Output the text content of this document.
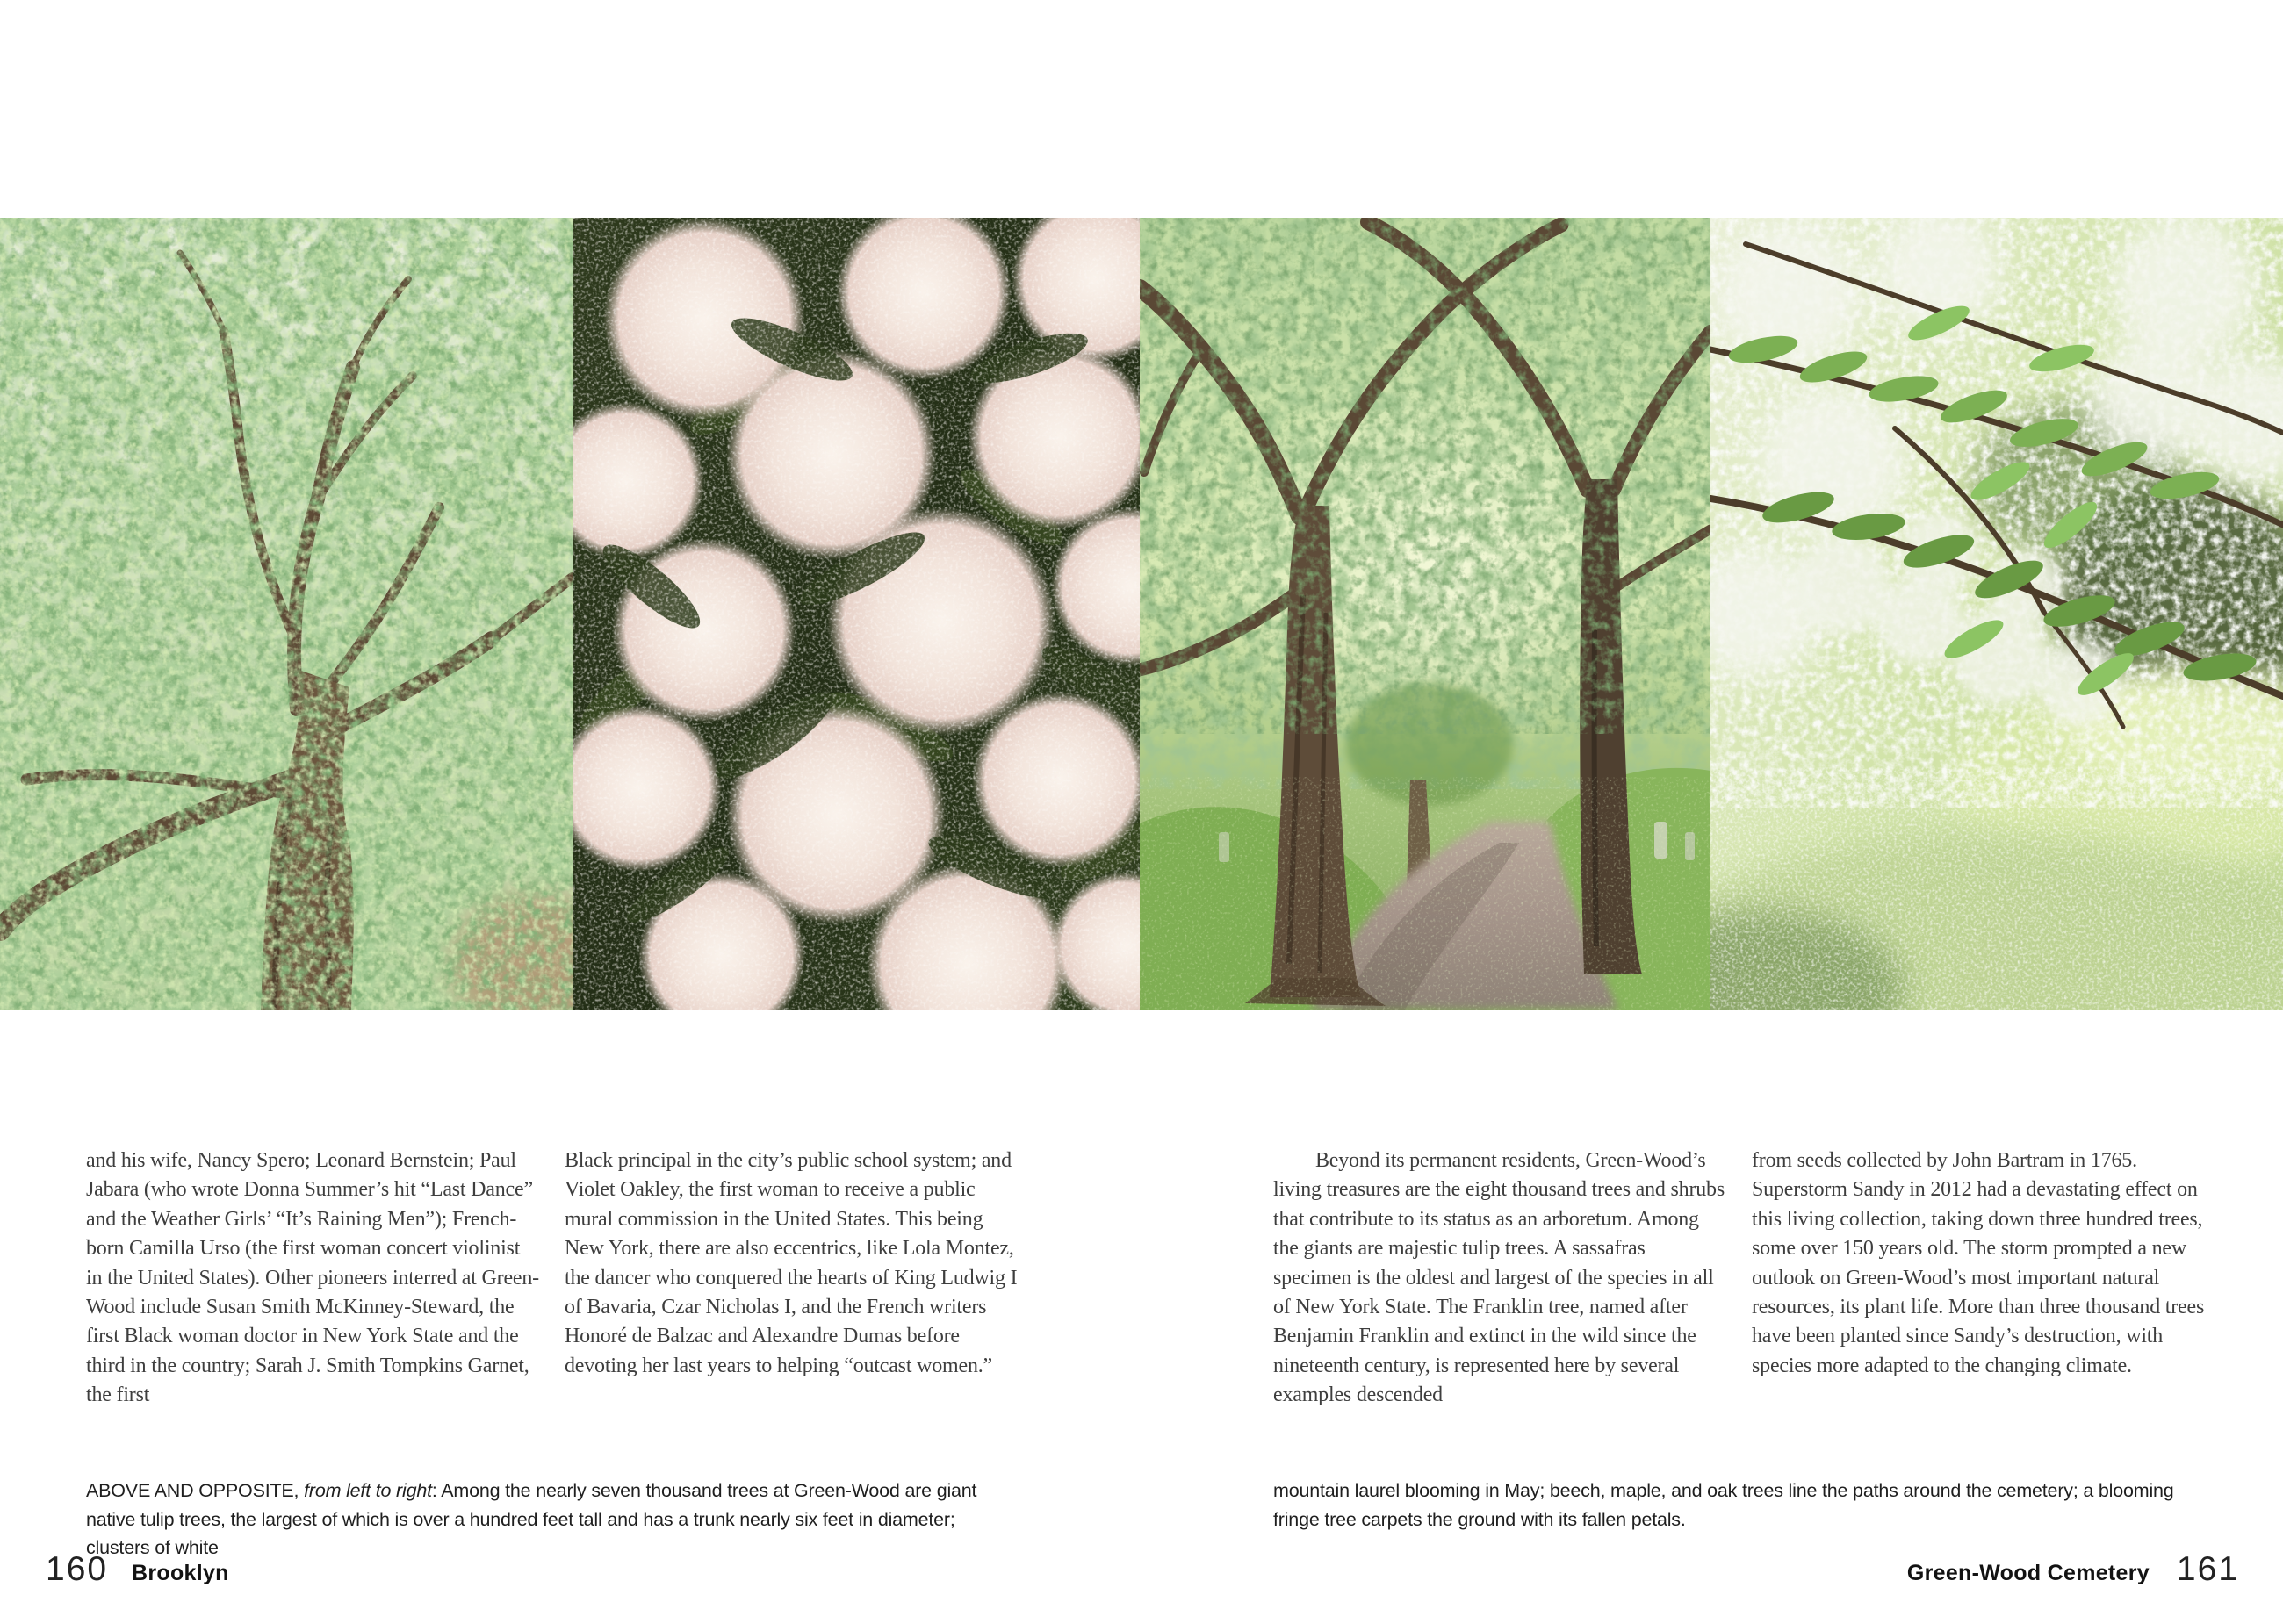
and his wife, Nancy Spero; Leonard Bernstein; Paul Jabara (who wrote Donna Summer’s hit “Last Dance” and the Weather Girls’ “It’s Raining Men”); French-born Camilla Urso (the first woman concert violinist in the United States). Other pioneers interred at Green-Wood include Susan Smith McKinney-Steward, the first Black woman doctor in New York State and the third in the country; Sarah J. Smith Tompkins Garnet, the first
Black principal in the city’s public school system; and Violet Oakley, the first woman to receive a public mural commission in the United States. This being New York, there are also eccentrics, like Lola Montez, the dancer who conquered the hearts of King Ludwig I of Bavaria, Czar Nicholas I, and the French writers Honoré de Balzac and Alexandre Dumas before devoting her last years to helping “outcast women.”
Beyond its permanent residents, Green-Wood’s living treasures are the eight thousand trees and shrubs that contribute to its status as an arboretum. Among the giants are majestic tulip trees. A sassafras specimen is the oldest and largest of the species in all of New York State. The Franklin tree, named after Benjamin Franklin and extinct in the wild since the nineteenth century, is represented here by several examples descended
from seeds collected by John Bartram in 1765. Superstorm Sandy in 2012 had a devastating effect on this living collection, taking down three hundred trees, some over 150 years old. The storm prompted a new outlook on Green-Wood’s most important natural resources, its plant life. More than three thousand trees have been planted since Sandy’s destruction, with species more adapted to the changing climate.
ABOVE AND OPPOSITE, from left to right: Among the nearly seven thousand trees at Green-Wood are giant native tulip trees, the largest of which is over a hundred feet tall and has a trunk nearly six feet in diameter; clusters of white
mountain laurel blooming in May; beech, maple, and oak trees line the paths around the cemetery; a blooming fringe tree carpets the ground with its fallen petals.
160 Brooklyn	Green-Wood Cemetery 161
